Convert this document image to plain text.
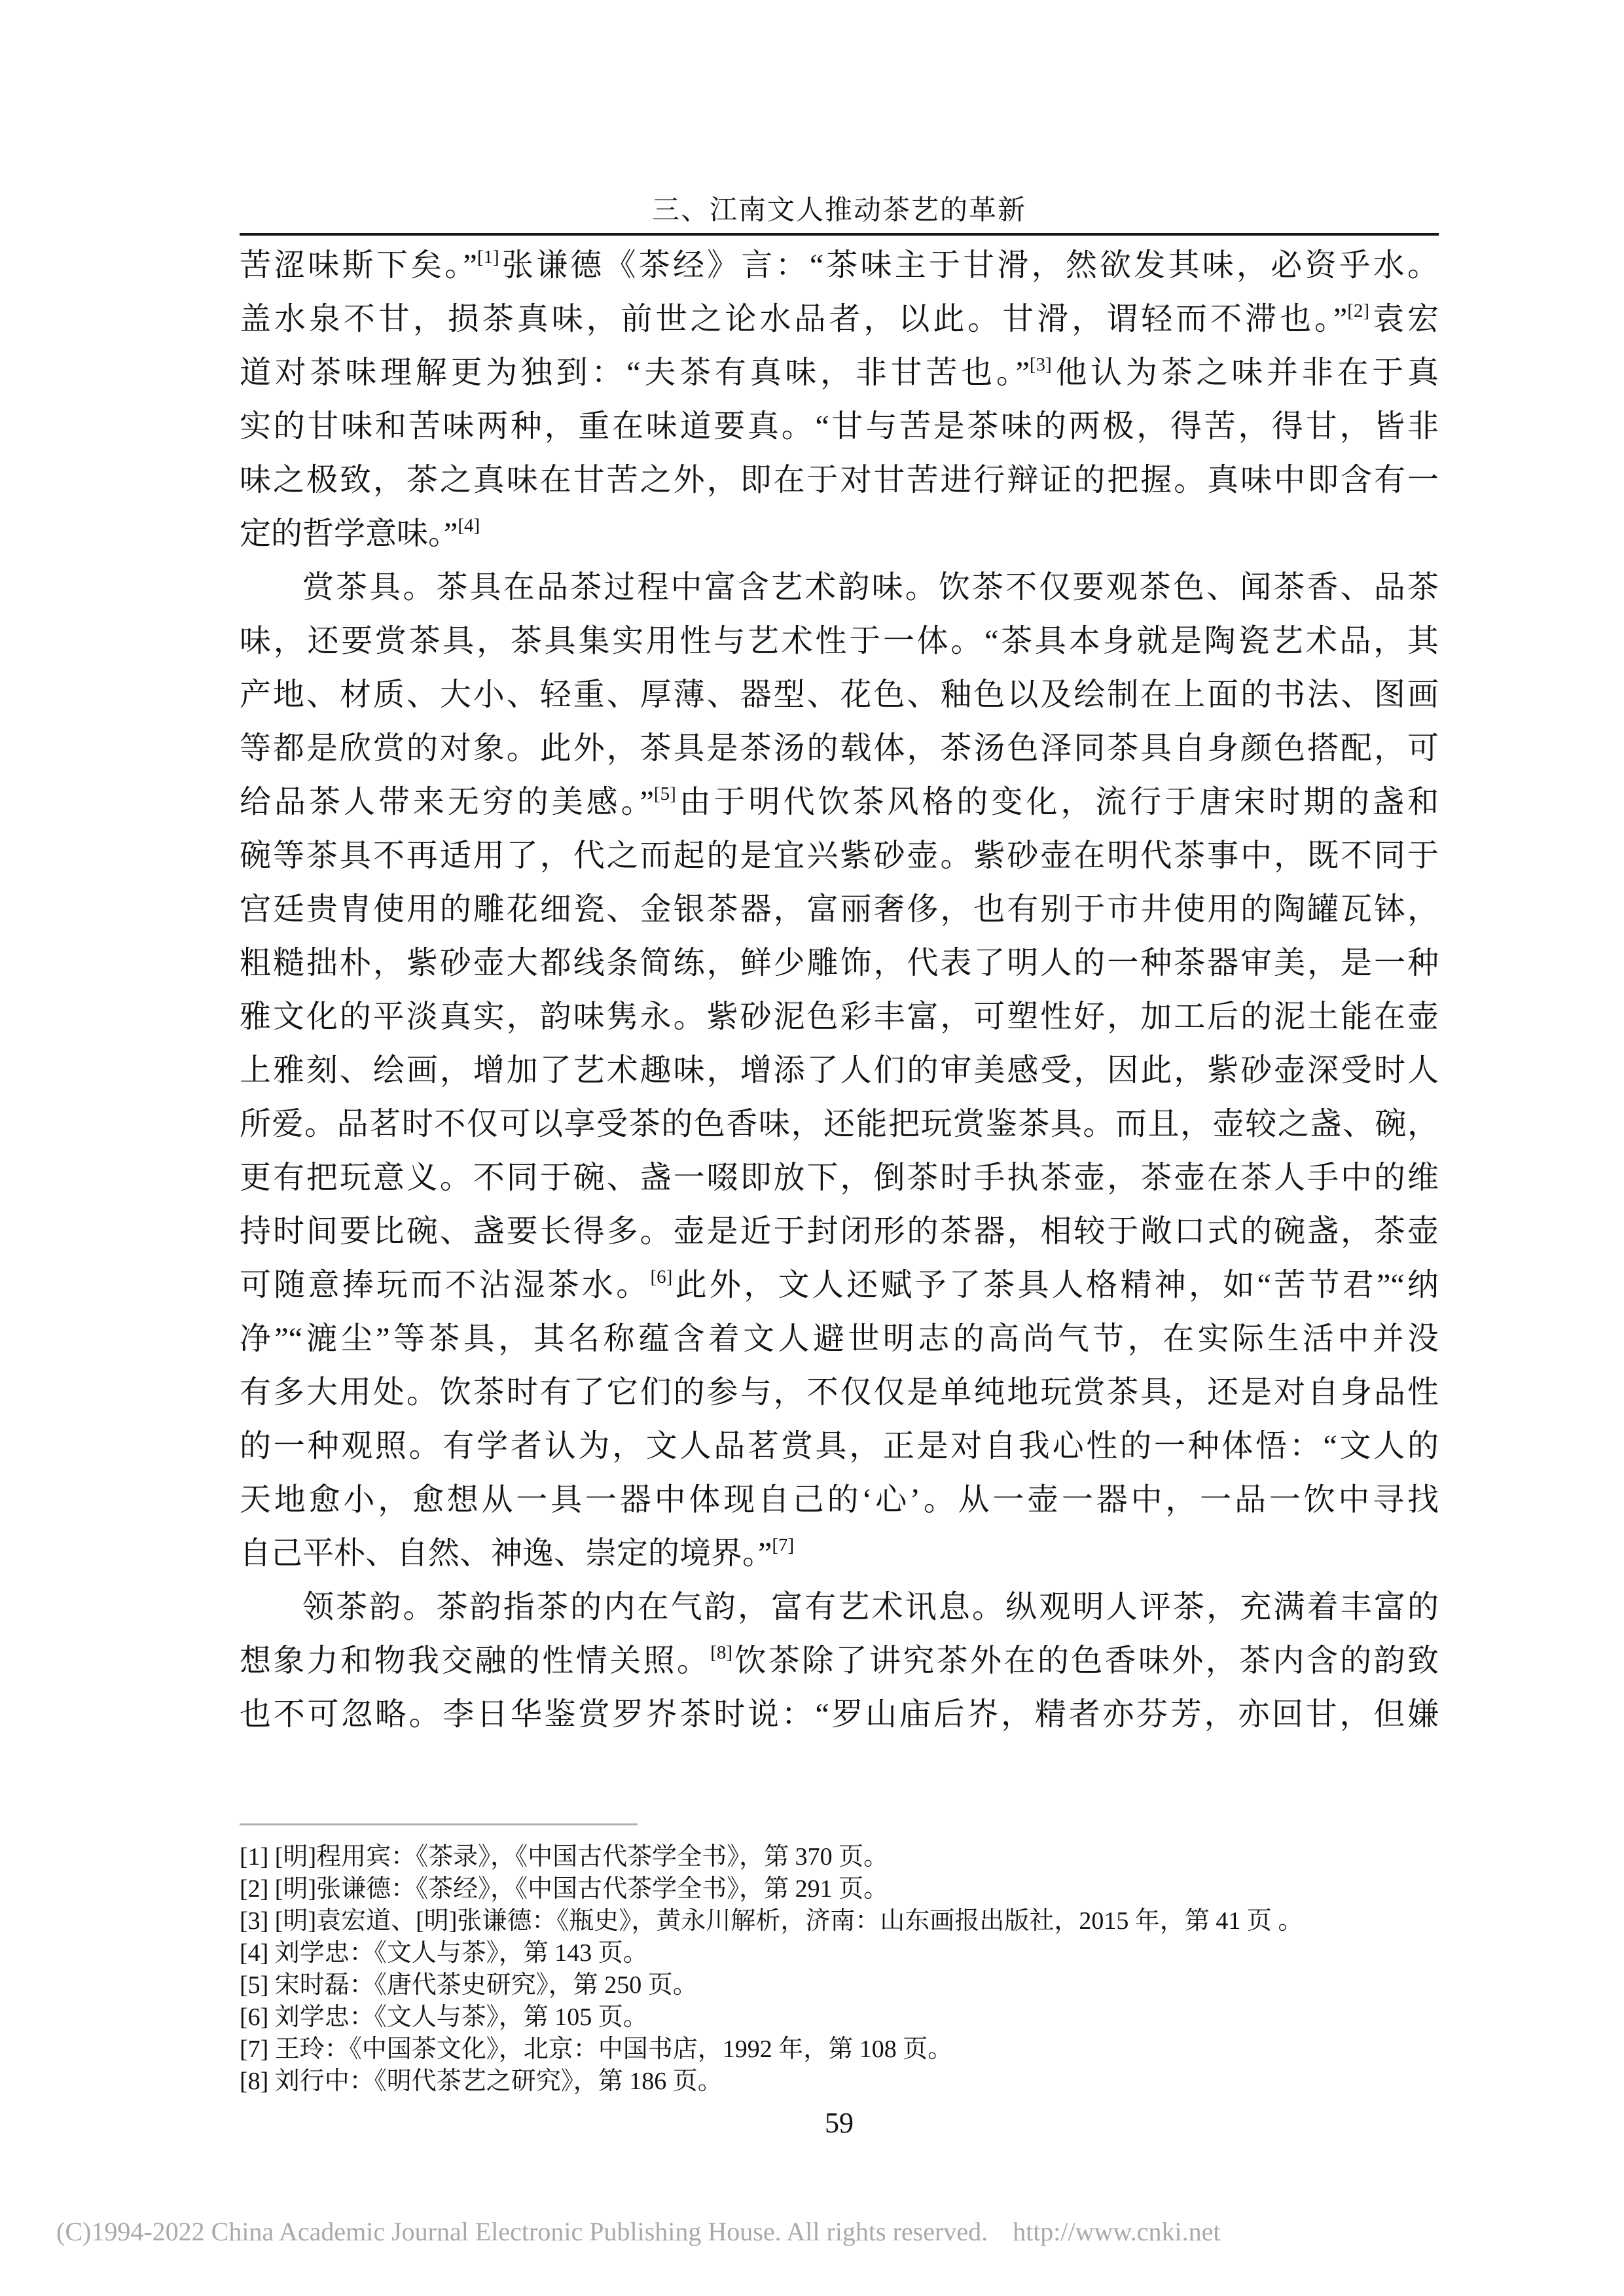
三、江南文人推动茶艺的革新
苦涩味斯下矣。”[1]张谦德《茶经》言：“茶味主于甘滑，然欲发其味，必资乎水。
盖水泉不甘，损茶真味，前世之论水品者，以此。甘滑，谓轻而不滞也。”[2]袁宏
道对茶味理解更为独到：“夫茶有真味，非甘苦也。”[3]他认为茶之味并非在于真
实的甘味和苦味两种，重在味道要真。“甘与苦是茶味的两极，得苦，得甘，皆非
味之极致，茶之真味在甘苦之外，即在于对甘苦进行辩证的把握。真味中即含有一
定的哲学意味。”[4]
赏茶具。茶具在品茶过程中富含艺术韵味。饮茶不仅要观茶色、闻茶香、品茶
味，还要赏茶具，茶具集实用性与艺术性于一体。“茶具本身就是陶瓷艺术品，其
产地、材质、大小、轻重、厚薄、器型、花色、釉色以及绘制在上面的书法、图画
等都是欣赏的对象。此外，茶具是茶汤的载体，茶汤色泽同茶具自身颜色搭配，可
给品茶人带来无穷的美感。”[5]由于明代饮茶风格的变化，流行于唐宋时期的盏和
碗等茶具不再适用了，代之而起的是宜兴紫砂壶。紫砂壶在明代茶事中，既不同于
宫廷贵胄使用的雕花细瓷、金银茶器，富丽奢侈，也有别于市井使用的陶罐瓦钵，
粗糙拙朴，紫砂壶大都线条简练，鲜少雕饰，代表了明人的一种茶器审美，是一种
雅文化的平淡真实，韵味隽永。紫砂泥色彩丰富，可塑性好，加工后的泥土能在壶
上雅刻、绘画，增加了艺术趣味，增添了人们的审美感受，因此，紫砂壶深受时人
所爱。品茗时不仅可以享受茶的色香味，还能把玩赏鉴茶具。而且，壶较之盏、碗，
更有把玩意义。不同于碗、盏一啜即放下，倒茶时手执茶壶，茶壶在茶人手中的维
持时间要比碗、盏要长得多。壶是近于封闭形的茶器，相较于敞口式的碗盏，茶壶
可随意捧玩而不沾湿茶水。[6]此外，文人还赋予了茶具人格精神，如“苦节君”“纳
净”“漉尘”等茶具，其名称蕴含着文人避世明志的高尚气节，在实际生活中并没
有多大用处。饮茶时有了它们的参与，不仅仅是单纯地玩赏茶具，还是对自身品性
的一种观照。有学者认为，文人品茗赏具，正是对自我心性的一种体悟：“文人的
天地愈小，愈想从一具一器中体现自己的‘心’。从一壶一器中，一品一饮中寻找
自己平朴、自然、神逸、崇定的境界。”[7]
领茶韵。茶韵指茶的内在气韵，富有艺术讯息。纵观明人评茶，充满着丰富的
想象力和物我交融的性情关照。[8]饮茶除了讲究茶外在的色香味外，茶内含的韵致
也不可忽略。李日华鉴赏罗岕茶时说：“罗山庙后岕，精者亦芬芳，亦回甘，但嫌
[1] [明]程用宾：《茶录》，《中国古代茶学全书》，第 370 页。
[2] [明]张谦德：《茶经》，《中国古代茶学全书》，第 291 页。
[3] [明]袁宏道、[明]张谦德：《瓶史》，黄永川解析，济南：山东画报出版社，2015 年，第 41 页 。
[4] 刘学忠：《文人与茶》，第 143 页。
[5] 宋时磊：《唐代茶史研究》，第 250 页。
[6] 刘学忠：《文人与茶》，第 105 页。
[7] 王玲：《中国茶文化》，北京：中国书店，1992 年，第 108 页。
[8] 刘行中：《明代茶艺之研究》，第 186 页。
59
(C)1994-2022 China Academic Journal Electronic Publishing House. All rights reserved. http://www.cnki.net
